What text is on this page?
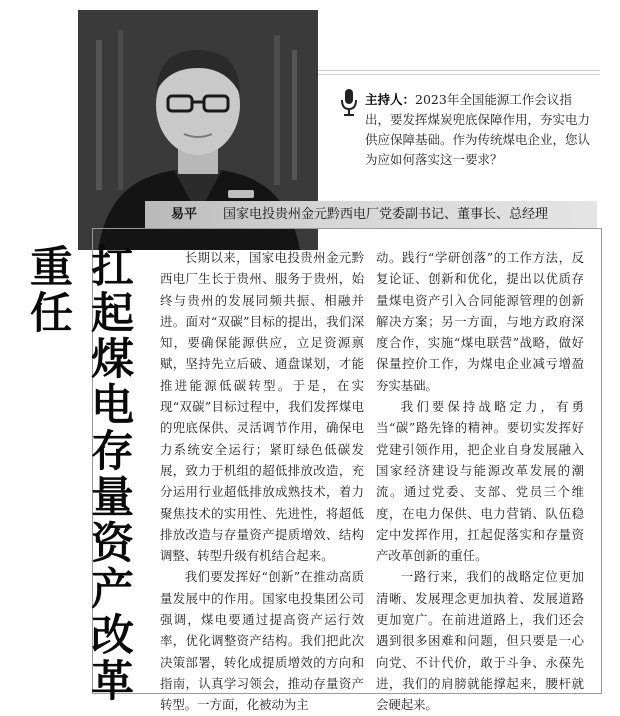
主持人：2023年全国能源工作会议指出，要发挥煤炭兜底保障作用，夯实电力供应保障基础。作为传统煤电企业，您认为应如何落实这一要求？
易平 国家电投贵州金元黔西电厂党委副书记、董事长、总经理
扛起煤电存量资产改革重任	长期以来，国家电投贵州金元黔西电厂生长于贵州、服务于贵州，始终与贵州的发展同频共振、相融并进。面对“双碳”目标的提出，我们深知，要确保能源供应，立足资源禀赋，坚持先立后破、通盘谋划，才能推进能源低碳转型。于是，在实现“双碳”目标过程中，我们发挥煤电的兜底保供、灵活调节作用，确保电力系统安全运行；紧盯绿色低碳发展，致力于机组的超低排放改造，充分运用行业超低排放成熟技术，着力聚焦技术的实用性、先进性，将超低排放改造与存量资产提质增效、结构调整、转型升级有机结合起来。

我们要发挥好“创新”在推动高质量发展中的作用。国家电投集团公司强调，煤电要通过提高资产运行效率，优化调整资产结构。我们把此次决策部署，转化成提质增效的方向和指南，认真学习领会，推动存量资产转型。一方面，化被动为主

动。践行“学研创落”的工作方法，反复论证、创新和优化，提出以优质存量煤电资产引入合同能源管理的创新解决方案；另一方面，与地方政府深度合作，实施“煤电联营”战略，做好保量控价工作，为煤电企业减亏增盈夯实基础。

我们要保持战略定力，有勇当“碳”路先锋的精神。要切实发挥好党建引领作用，把企业自身发展融入国家经济建设与能源改革发展的潮流。通过党委、支部、党员三个维度，在电力保供、电力营销、队伍稳定中发挥作用，扛起促落实和存量资产改革创新的重任。

一路行来，我们的战略定位更加清晰、发展理念更加执着、发展道路更加宽广。在前进道路上，我们还会遇到很多困难和问题，但只要是一心向党、不计代价，敢于斗争、永葆先进，我们的肩膀就能撑起来，腰杆就会硬起来。
